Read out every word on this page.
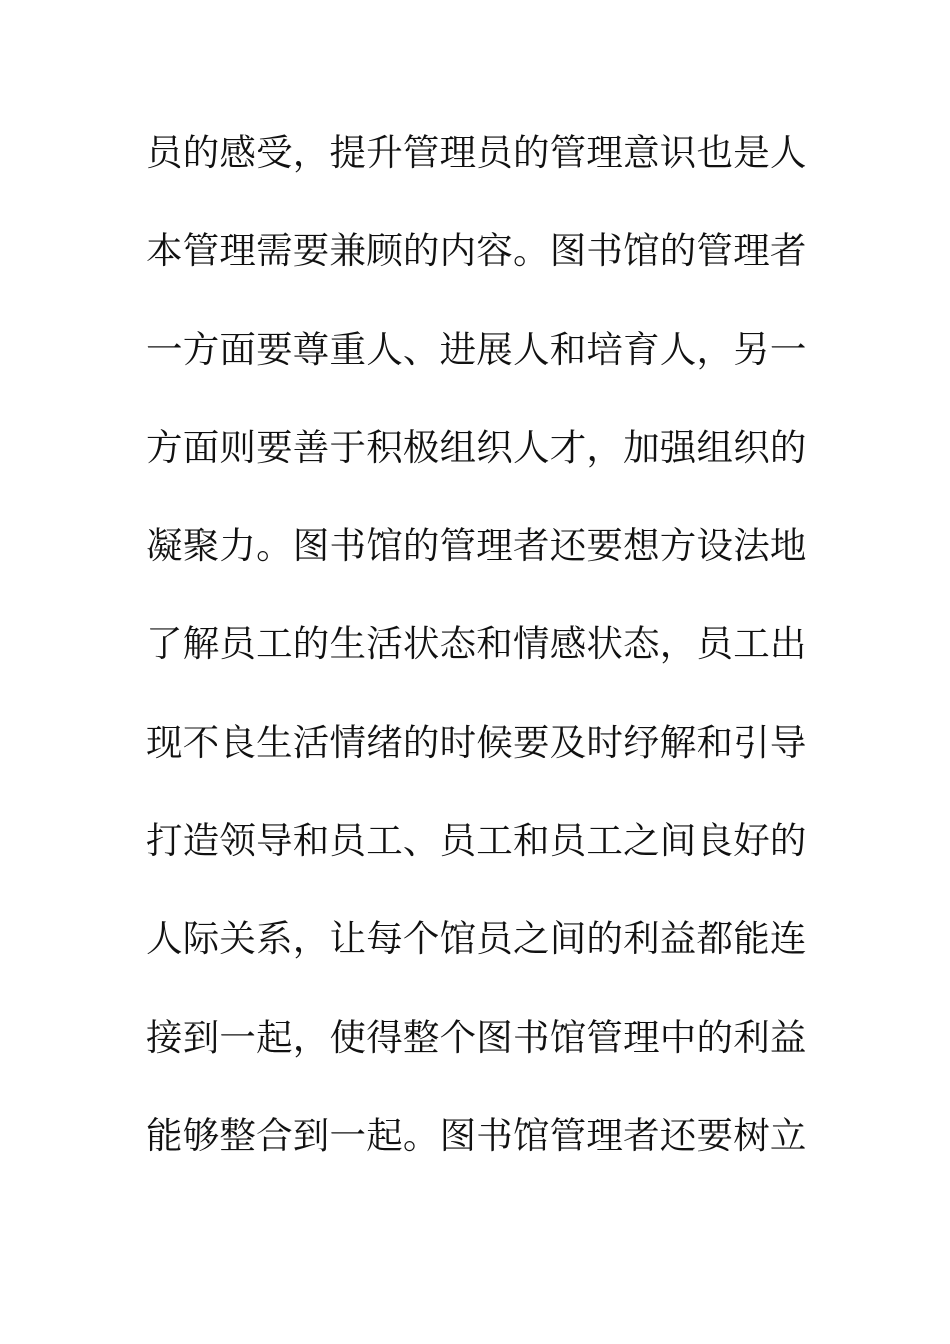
员的感受，提升管理员的管理意识也是人
本管理需要兼顾的内容。图书馆的管理者
一方面要尊重人、进展人和培育人，另一
方面则要善于积极组织人才，加强组织的
凝聚力。图书馆的管理者还要想方设法地
了解员工的生活状态和情感状态，员工出
现不良生活情绪的时候要及时纾解和引导
打造领导和员工、员工和员工之间良好的
人际关系，让每个馆员之间的利益都能连
接到一起，使得整个图书馆管理中的利益
能够整合到一起。图书馆管理者还要树立
